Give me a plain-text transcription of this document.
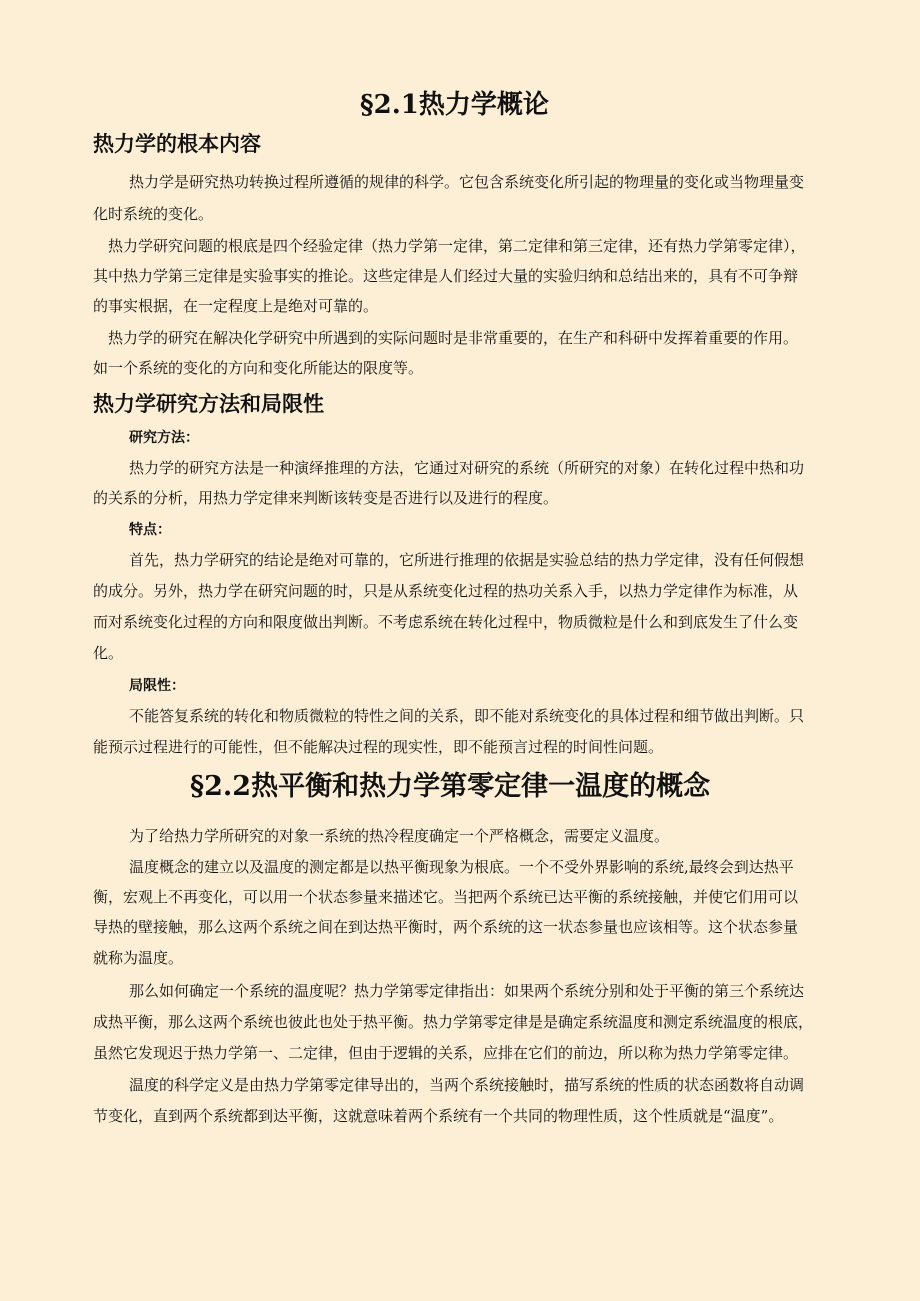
§2.1热力学概论
热力学的根本内容

热力学是研究热功转换过程所遵循的规律的科学。它包含系统变化所引起的物理量的变化或当物理量变

化时系统的变化。

热力学研究问题的根底是四个经验定律（热力学第一定律，第二定律和第三定律，还有热力学第零定律），

其中热力学第三定律是实验事实的推论。这些定律是人们经过大量的实验归纳和总结出来的，具有不可争辩

的事实根据，在一定程度上是绝对可靠的。

热力学的研究在解决化学研究中所遇到的实际问题时是非常重要的，在生产和科研中发挥着重要的作用。

如一个系统的变化的方向和变化所能达的限度等。

热力学研究方法和局限性

研究方法：

热力学的研究方法是一种演绎推理的方法，它通过对研究的系统（所研究的对象）在转化过程中热和功

的关系的分析，用热力学定律来判断该转变是否进行以及进行的程度。

特点：

首先，热力学研究的结论是绝对可靠的，它所进行推理的依据是实验总结的热力学定律，没有任何假想

的成分。另外，热力学在研究问题的时，只是从系统变化过程的热功关系入手，以热力学定律作为标准，从

而对系统变化过程的方向和限度做出判断。不考虑系统在转化过程中，物质微粒是什么和到底发生了什么变

化。

局限性：

不能答复系统的转化和物质微粒的特性之间的关系，即不能对系统变化的具体过程和细节做出判断。只

能预示过程进行的可能性，但不能解决过程的现实性，即不能预言过程的时间性问题。

§2.2热平衡和热力学第零定律一温度的概念

为了给热力学所研究的对象一系统的热冷程度确定一个严格概念，需要定义温度。

温度概念的建立以及温度的测定都是以热平衡现象为根底。一个不受外界影响的系统,最终会到达热平

衡，宏观上不再变化，可以用一个状态参量来描述它。当把两个系统已达平衡的系统接触，并使它们用可以

导热的壁接触，那么这两个系统之间在到达热平衡时，两个系统的这一状态参量也应该相等。这个状态参量

就称为温度。

那么如何确定一个系统的温度呢？热力学第零定律指出：如果两个系统分别和处于平衡的第三个系统达

成热平衡，那么这两个系统也彼此也处于热平衡。热力学第零定律是是确定系统温度和测定系统温度的根底，

虽然它发现迟于热力学第一、二定律，但由于逻辑的关系，应排在它们的前边，所以称为热力学第零定律。

温度的科学定义是由热力学第零定律导出的，当两个系统接触时，描写系统的性质的状态函数将自动调

节变化，直到两个系统都到达平衡，这就意味着两个系统有一个共同的物理性质，这个性质就是“温度”。
